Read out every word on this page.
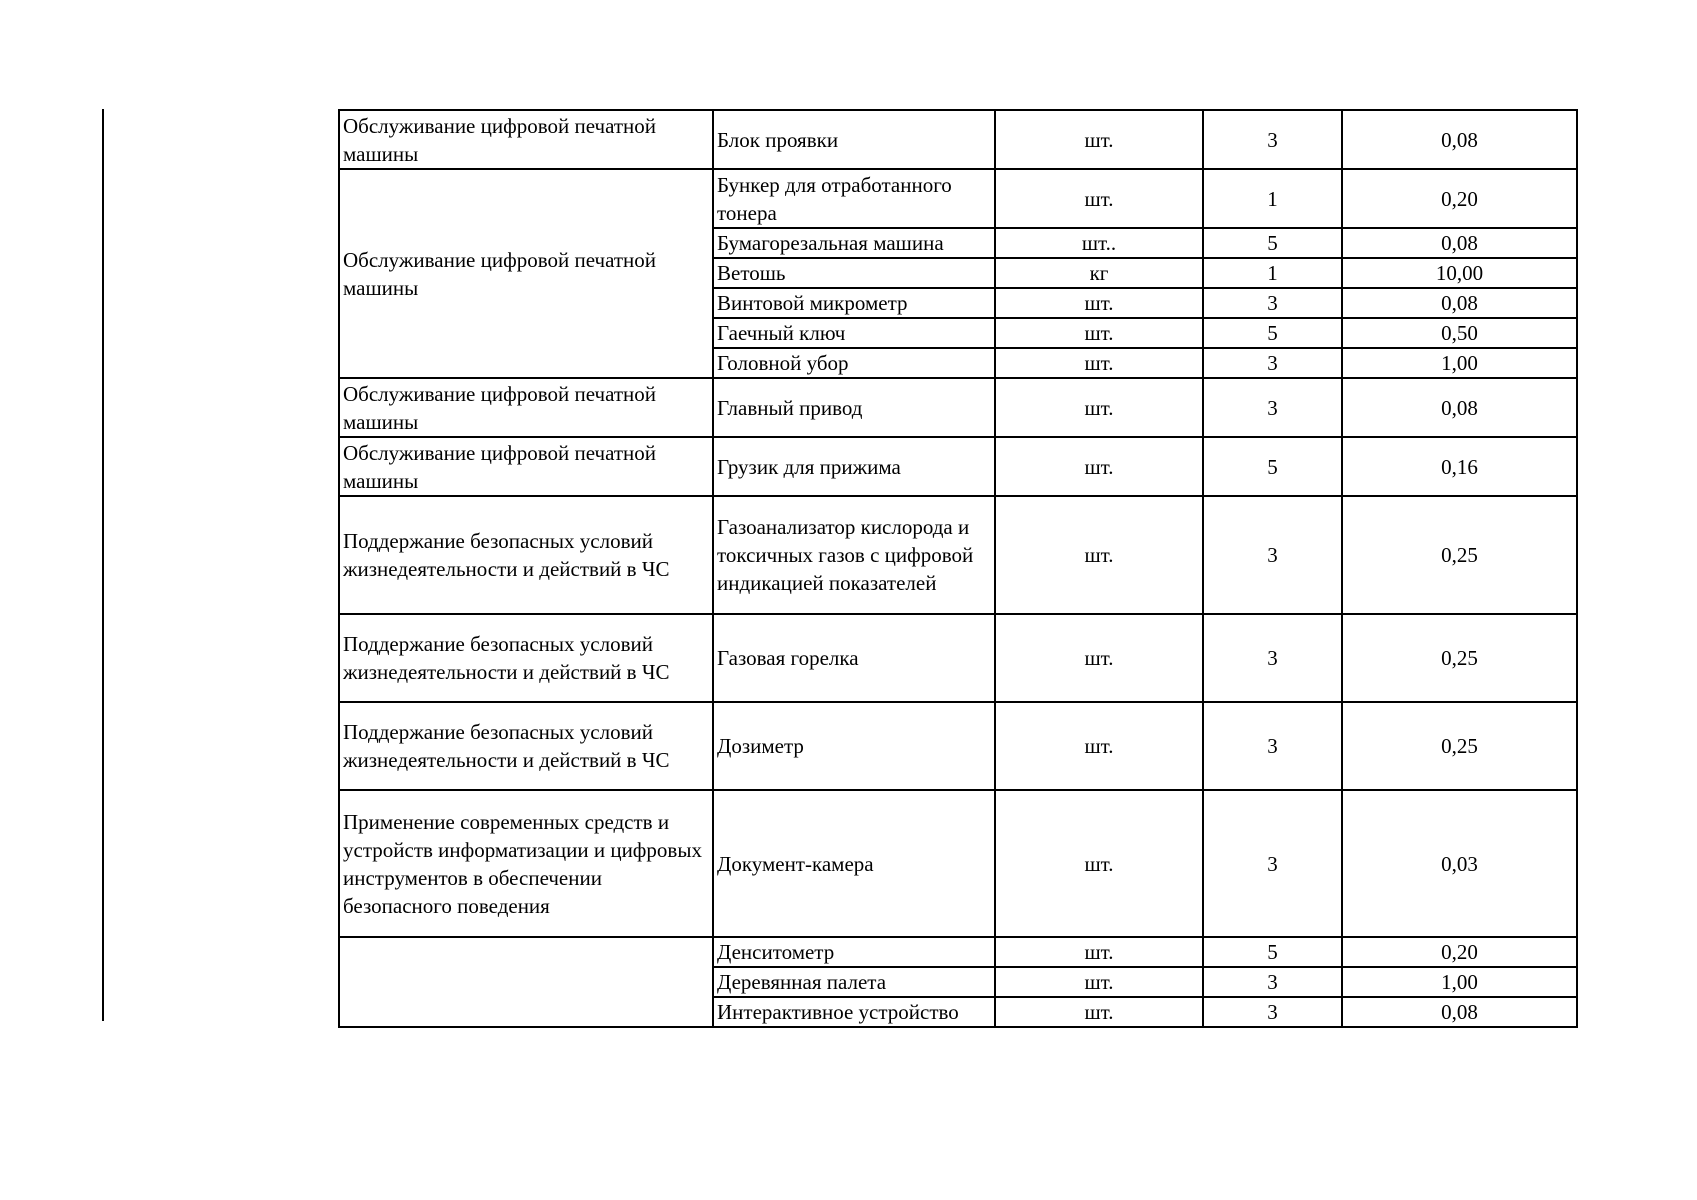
Обслуживание цифровой печатной машины	Блок проявки	шт.	3	0,08
Обслуживание цифровой печатной машины	Бункер для отработанного тонера	шт.	1	0,20
	Бумагорезальная машина	шт..	5	0,08
	Ветошь	кг	1	10,00
	Винтовой микрометр	шт.	3	0,08
	Гаечный ключ	шт.	5	0,50
	Головной убор	шт.	3	1,00
Обслуживание цифровой печатной машины	Главный привод	шт.	3	0,08
Обслуживание цифровой печатной машины	Грузик для прижима	шт.	5	0,16
Поддержание безопасных условий жизнедеятельности и действий в ЧС	Газоанализатор кислорода и токсичных газов с цифровой индикацией показателей	шт.	3	0,25
Поддержание безопасных условий жизнедеятельности и действий в ЧС	Газовая горелка	шт.	3	0,25
Поддержание безопасных условий жизнедеятельности и действий в ЧС	Дозиметр	шт.	3	0,25
Применение современных средств и устройств информатизации и цифровых инструментов в обеспечении безопасного поведения	Документ-камера	шт.	3	0,03
	Денситометр	шт.	5	0,20
	Деревянная палета	шт.	3	1,00
	Интерактивное устройство	шт.	3	0,08
